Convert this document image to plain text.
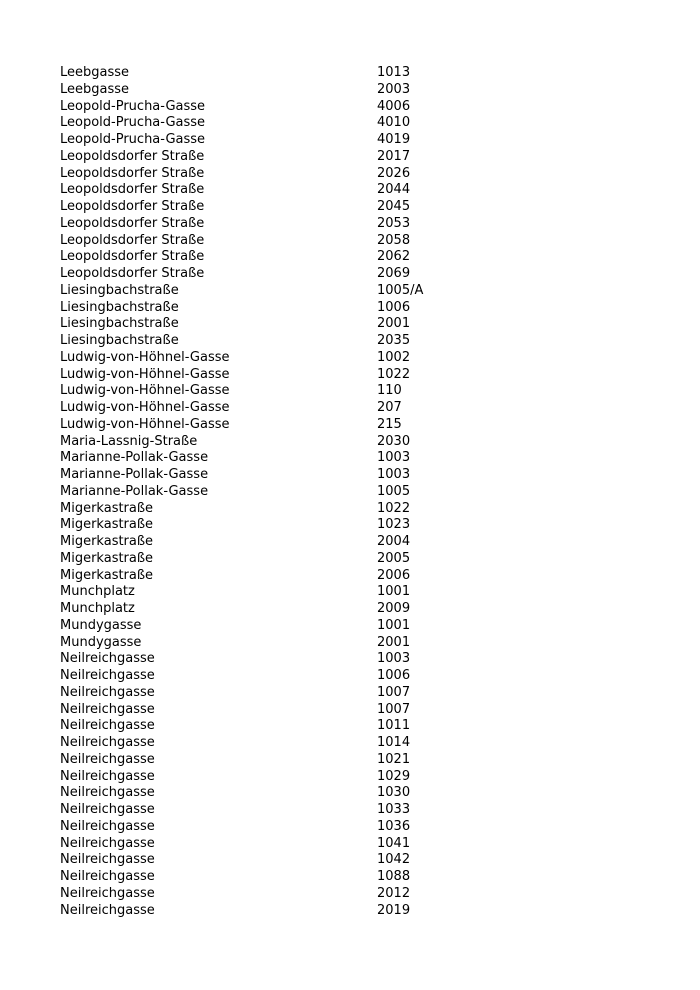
Leebgasse	1013
Leebgasse	2003
Leopold-Prucha-Gasse	4006
Leopold-Prucha-Gasse	4010
Leopold-Prucha-Gasse	4019
Leopoldsdorfer Straße	2017
Leopoldsdorfer Straße	2026
Leopoldsdorfer Straße	2044
Leopoldsdorfer Straße	2045
Leopoldsdorfer Straße	2053
Leopoldsdorfer Straße	2058
Leopoldsdorfer Straße	2062
Leopoldsdorfer Straße	2069
Liesingbachstraße	1005/A
Liesingbachstraße	1006
Liesingbachstraße	2001
Liesingbachstraße	2035
Ludwig-von-Höhnel-Gasse	1002
Ludwig-von-Höhnel-Gasse	1022
Ludwig-von-Höhnel-Gasse	110
Ludwig-von-Höhnel-Gasse	207
Ludwig-von-Höhnel-Gasse	215
Maria-Lassnig-Straße	2030
Marianne-Pollak-Gasse	1003
Marianne-Pollak-Gasse	1003
Marianne-Pollak-Gasse	1005
Migerkastraße	1022
Migerkastraße	1023
Migerkastraße	2004
Migerkastraße	2005
Migerkastraße	2006
Munchplatz	1001
Munchplatz	2009
Mundygasse	1001
Mundygasse	2001
Neilreichgasse	1003
Neilreichgasse	1006
Neilreichgasse	1007
Neilreichgasse	1007
Neilreichgasse	1011
Neilreichgasse	1014
Neilreichgasse	1021
Neilreichgasse	1029
Neilreichgasse	1030
Neilreichgasse	1033
Neilreichgasse	1036
Neilreichgasse	1041
Neilreichgasse	1042
Neilreichgasse	1088
Neilreichgasse	2012
Neilreichgasse	2019
